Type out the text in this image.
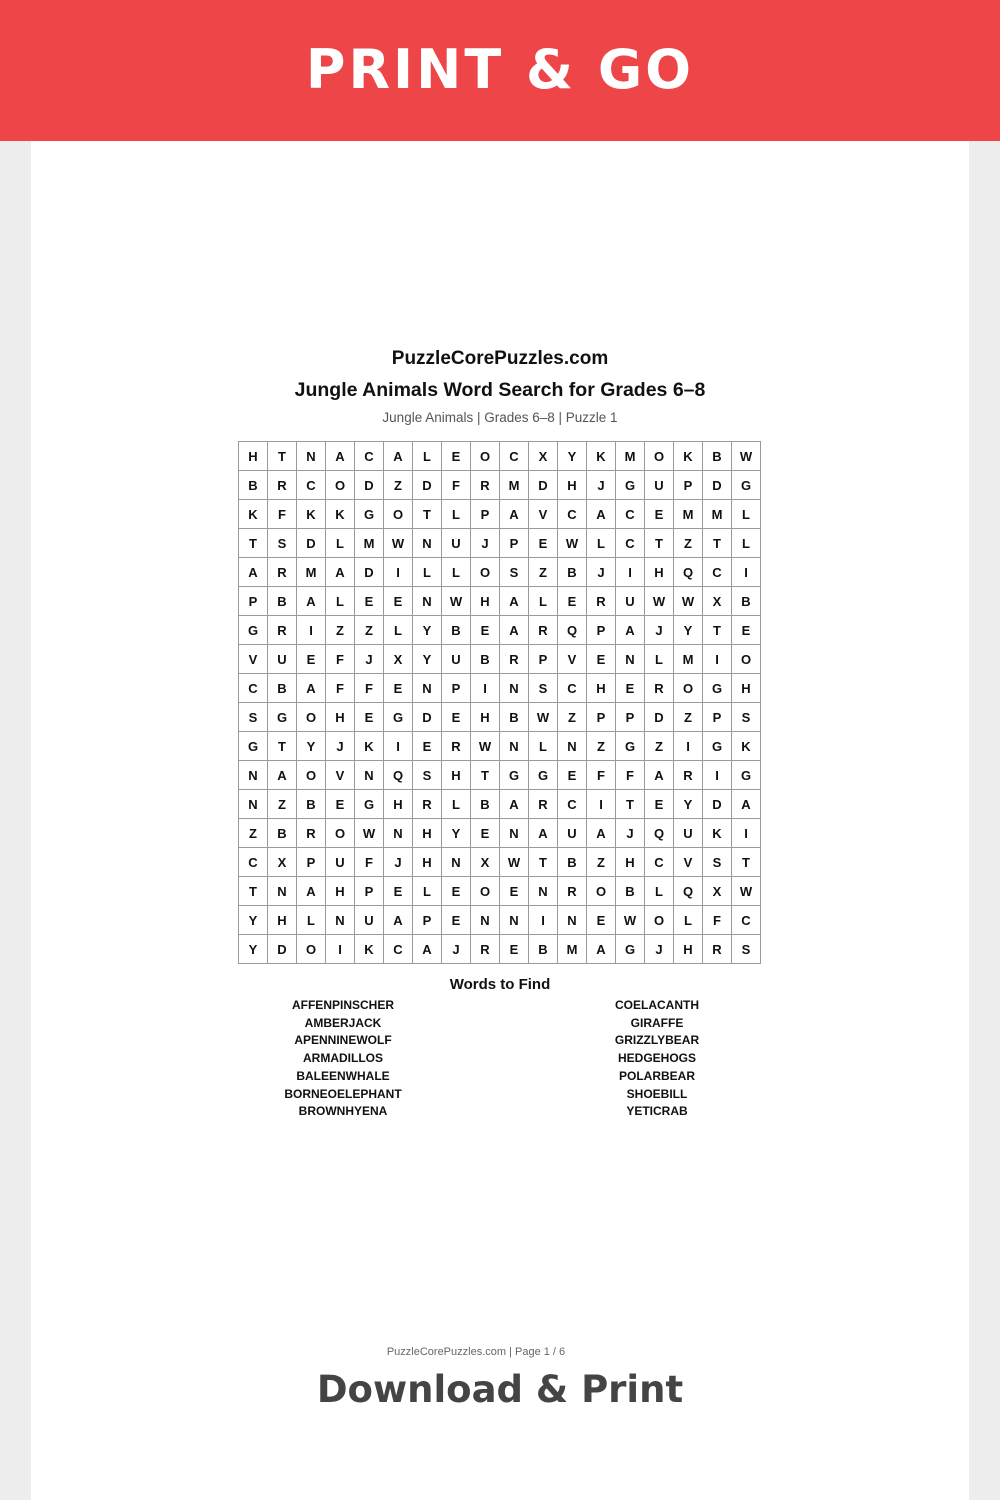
PRINT & GO
PuzzleCorePuzzles.com
Jungle Animals Word Search for Grades 6–8
Jungle Animals | Grades 6–8 | Puzzle 1
H	T	N	A	C	A	L	E	O	C	X	Y	K	M	O	K	B	W
B	R	C	O	D	Z	D	F	R	M	D	H	J	G	U	P	D	G
K	F	K	K	G	O	T	L	P	A	V	C	A	C	E	M	M	L
T	S	D	L	M	W	N	U	J	P	E	W	L	C	T	Z	T	L
A	R	M	A	D	I	L	L	O	S	Z	B	J	I	H	Q	C	I
P	B	A	L	E	E	N	W	H	A	L	E	R	U	W	W	X	B
G	R	I	Z	Z	L	Y	B	E	A	R	Q	P	A	J	Y	T	E
V	U	E	F	J	X	Y	U	B	R	P	V	E	N	L	M	I	O
C	B	A	F	F	E	N	P	I	N	S	C	H	E	R	O	G	H
S	G	O	H	E	G	D	E	H	B	W	Z	P	P	D	Z	P	S
G	T	Y	J	K	I	E	R	W	N	L	N	Z	G	Z	I	G	K
N	A	O	V	N	Q	S	H	T	G	G	E	F	F	A	R	I	G
N	Z	B	E	G	H	R	L	B	A	R	C	I	T	E	Y	D	A
Z	B	R	O	W	N	H	Y	E	N	A	U	A	J	Q	U	K	I
C	X	P	U	F	J	H	N	X	W	T	B	Z	H	C	V	S	T
T	N	A	H	P	E	L	E	O	E	N	R	O	B	L	Q	X	W
Y	H	L	N	U	A	P	E	N	N	I	N	E	W	O	L	F	C
Y	D	O	I	K	C	A	J	R	E	B	M	A	G	J	H	R	S
Words to Find
AFFENPINSCHER
AMBERJACK
APENNINEWOLF
ARMADILLOS
BALEENWHALE
BORNEOELEPHANT
BROWNHYENA
COELACANTH
GIRAFFE
GRIZZLYBEAR
HEDGEHOGS
POLARBEAR
SHOEBILL
YETICRAB
PuzzleCorePuzzles.com | Page 1 / 6
Download & Print
